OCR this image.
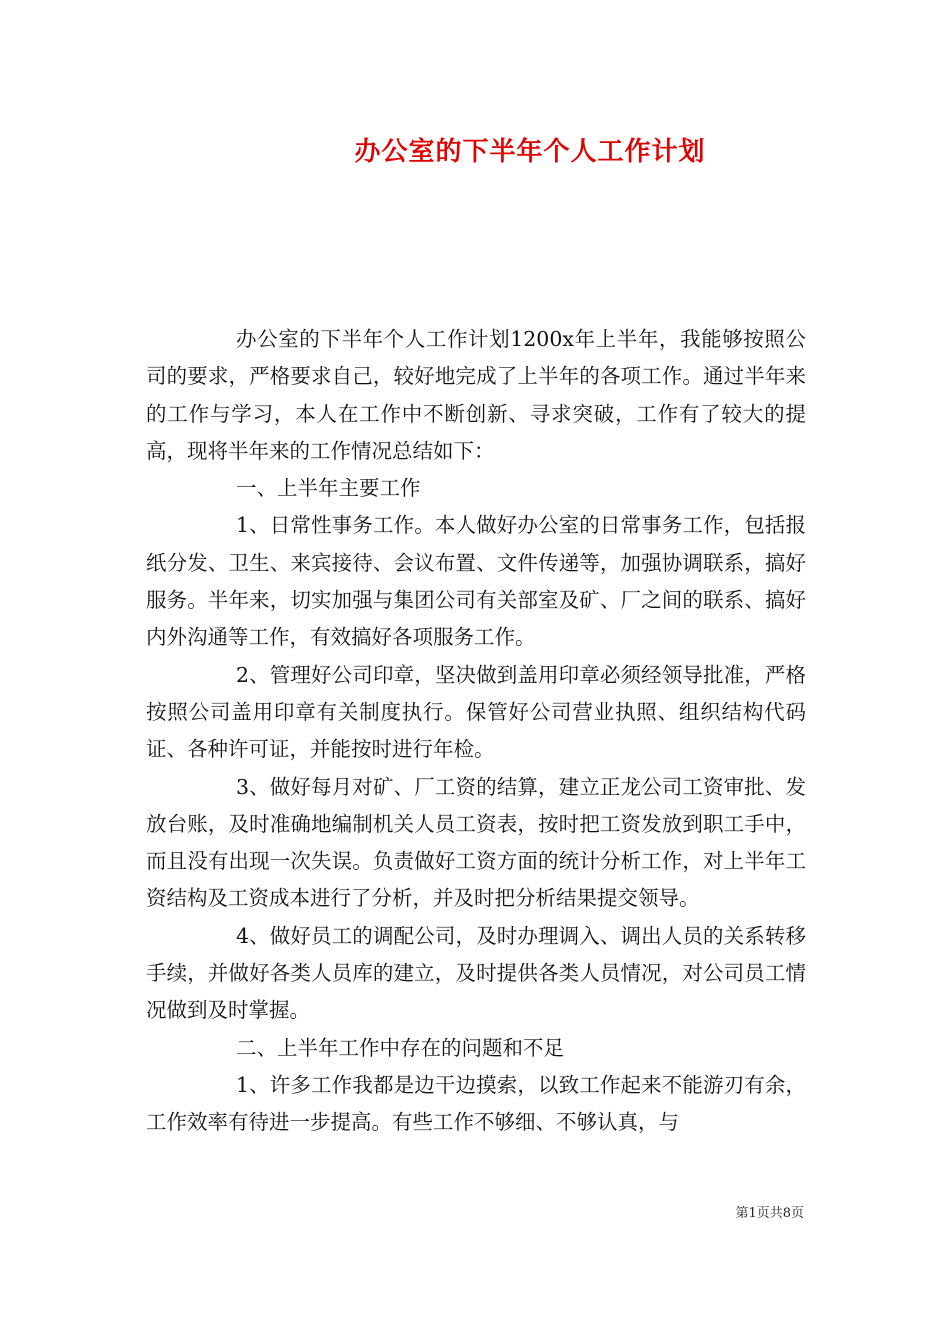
办公室的下半年个人工作计划

办公室的下半年个人工作计划1200x年上半年，我能够按照公司的要求，严格要求自己，较好地完成了上半年的各项工作。通过半年来的工作与学习，本人在工作中不断创新、寻求突破，工作有了较大的提高，现将半年来的工作情况总结如下：

一、上半年主要工作

1、日常性事务工作。本人做好办公室的日常事务工作，包括报纸分发、卫生、来宾接待、会议布置、文件传递等，加强协调联系，搞好服务。半年来，切实加强与集团公司有关部室及矿、厂之间的联系、搞好内外沟通等工作，有效搞好各项服务工作。

2、管理好公司印章，坚决做到盖用印章必须经领导批准，严格按照公司盖用印章有关制度执行。保管好公司营业执照、组织结构代码证、各种许可证，并能按时进行年检。

3、做好每月对矿、厂工资的结算，建立正龙公司工资审批、发放台账，及时准确地编制机关人员工资表，按时把工资发放到职工手中，而且没有出现一次失误。负责做好工资方面的统计分析工作，对上半年工资结构及工资成本进行了分析，并及时把分析结果提交领导。

4、做好员工的调配公司，及时办理调入、调出人员的关系转移手续，并做好各类人员库的建立，及时提供各类人员情况，对公司员工情况做到及时掌握。

二、上半年工作中存在的问题和不足

1、许多工作我都是边干边摸索，以致工作起来不能游刃有余，工作效率有待进一步提高。有些工作不够细、不够认真，与

第1页共8页
